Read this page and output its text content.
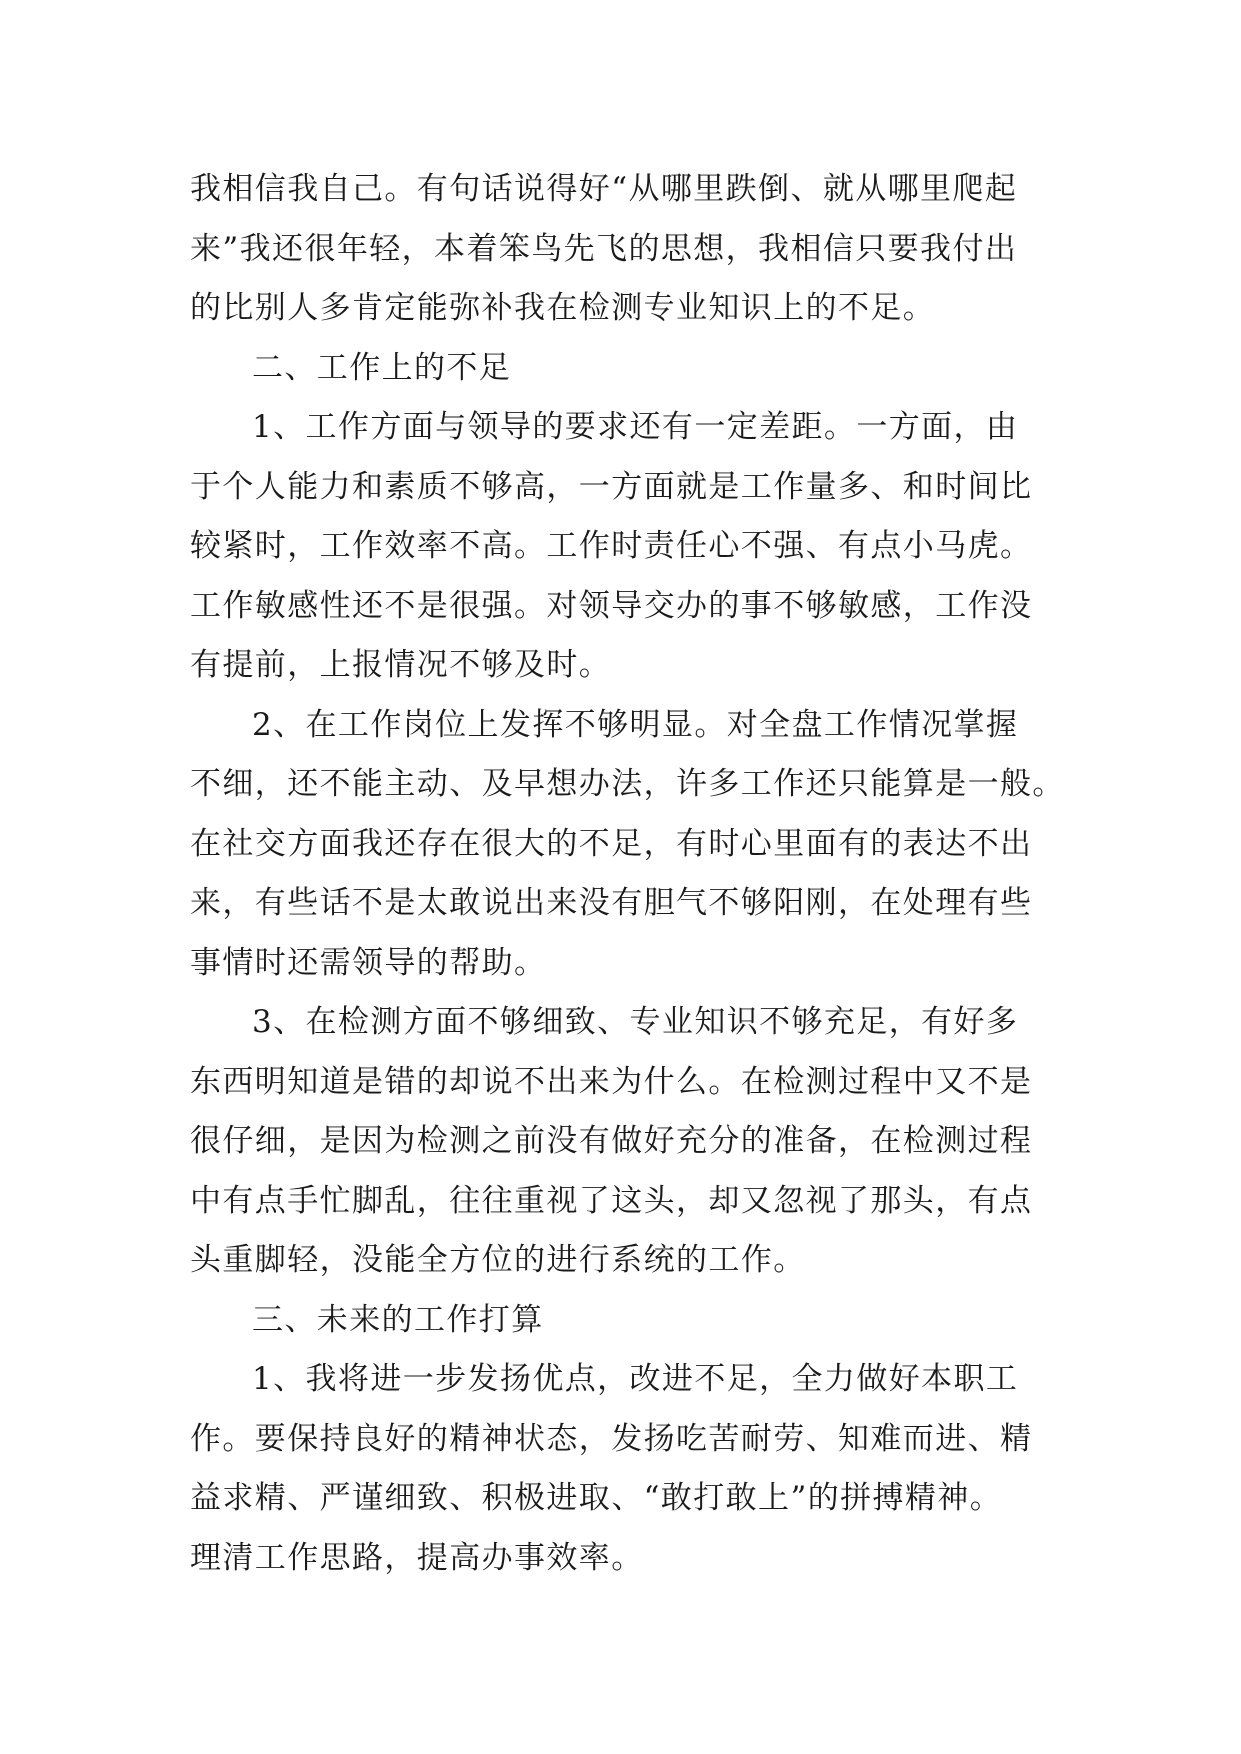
我相信我自己。有句话说得好“从哪里跌倒、就从哪里爬起
来”我还很年轻，本着笨鸟先飞的思想，我相信只要我付出
的比别人多肯定能弥补我在检测专业知识上的不足。
二、工作上的不足
1、工作方面与领导的要求还有一定差距。一方面，由
于个人能力和素质不够高，一方面就是工作量多、和时间比
较紧时，工作效率不高。工作时责任心不强、有点小马虎。
工作敏感性还不是很强。对领导交办的事不够敏感，工作没
有提前，上报情况不够及时。
2、在工作岗位上发挥不够明显。对全盘工作情况掌握
不细，还不能主动、及早想办法，许多工作还只能算是一般。
在社交方面我还存在很大的不足，有时心里面有的表达不出
来，有些话不是太敢说出来没有胆气不够阳刚，在处理有些
事情时还需领导的帮助。
3、在检测方面不够细致、专业知识不够充足，有好多
东西明知道是错的却说不出来为什么。在检测过程中又不是
很仔细，是因为检测之前没有做好充分的准备，在检测过程
中有点手忙脚乱，往往重视了这头，却又忽视了那头，有点
头重脚轻，没能全方位的进行系统的工作。
三、未来的工作打算
1、我将进一步发扬优点，改进不足，全力做好本职工
作。要保持良好的精神状态，发扬吃苦耐劳、知难而进、精
益求精、严谨细致、积极进取、“敢打敢上”的拼搏精神。
理清工作思路，提高办事效率。
